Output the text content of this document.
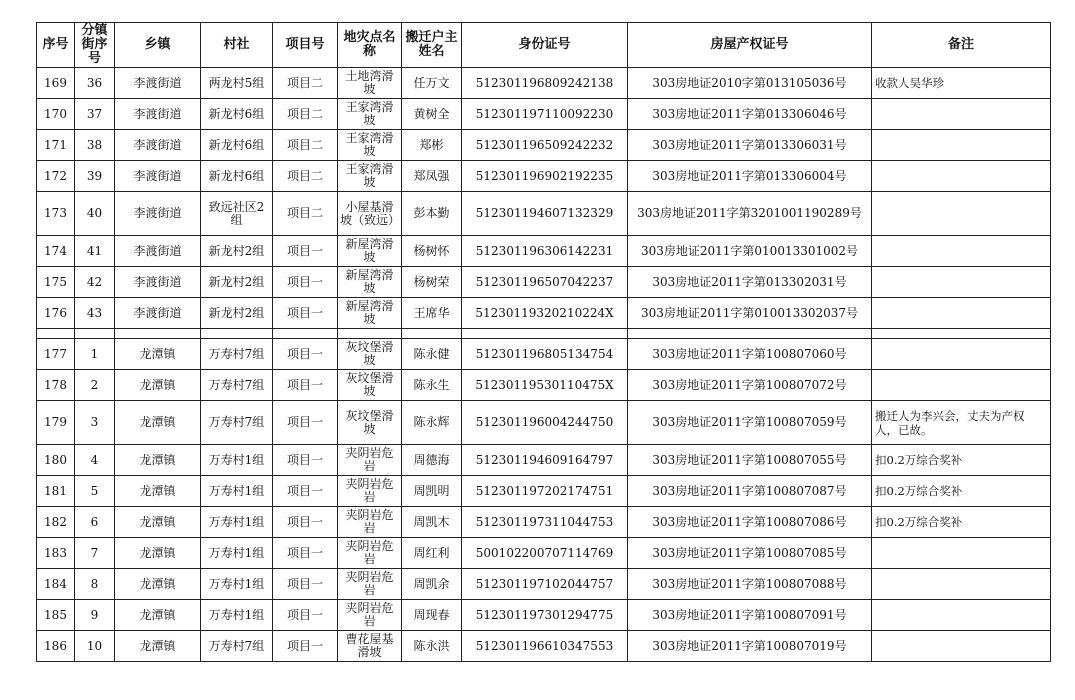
序号	分镇街序号	乡镇	村社	项目号	地灾点名称	搬迁户主姓名	身份证号	房屋产权证号	备注
169	36	李渡街道	两龙村5组	项目二	土地湾滑坡	任万文	512301196809242138	303房地证2010字第013105036号	收款人吴华珍
170	37	李渡街道	新龙村6组	项目二	王家湾滑坡	黄树全	512301197110092230	303房地证2011字第013306046号	
171	38	李渡街道	新龙村6组	项目二	王家湾滑坡	郑彬	512301196509242232	303房地证2011字第013306031号	
172	39	李渡街道	新龙村6组	项目二	王家湾滑坡	郑凤强	512301196902192235	303房地证2011字第013306004号	
173	40	李渡街道	致远社区2组	项目二	小屋基滑坡（致远）	彭本勤	512301194607132329	303房地证2011字第3201001190289号	
174	41	李渡街道	新龙村2组	项目一	新屋湾滑坡	杨树怀	512301196306142231	303房地证2011字第010013301002号	
175	42	李渡街道	新龙村2组	项目一	新屋湾滑坡	杨树荣	512301196507042237	303房地证2011字第013302031号	
176	43	李渡街道	新龙村2组	项目一	新屋湾滑坡	王席华	51230119320210224X	303房地证2011字第010013302037号	

177	1	龙潭镇	万寿村7组	项目一	灰坟堡滑坡	陈永健	512301196805134754	303房地证2011字第100807060号	
178	2	龙潭镇	万寿村7组	项目一	灰坟堡滑坡	陈永生	51230119530110475X	303房地证2011字第100807072号	
179	3	龙潭镇	万寿村7组	项目一	灰坟堡滑坡	陈永辉	512301196004244750	303房地证2011字第100807059号	搬迁人为李兴会，丈夫为产权人，已故。
180	4	龙潭镇	万寿村1组	项目一	夹阴岩危岩	周德海	512301194609164797	303房地证2011字第100807055号	扣0.2万综合奖补
181	5	龙潭镇	万寿村1组	项目一	夹阴岩危岩	周凯明	512301197202174751	303房地证2011字第100807087号	扣0.2万综合奖补
182	6	龙潭镇	万寿村1组	项目一	夹阴岩危岩	周凯木	512301197311044753	303房地证2011字第100807086号	扣0.2万综合奖补
183	7	龙潭镇	万寿村1组	项目一	夹阴岩危岩	周红利	500102200707114769	303房地证2011字第100807085号	
184	8	龙潭镇	万寿村1组	项目一	夹阴岩危岩	周凯余	512301197102044757	303房地证2011字第100807088号	
185	9	龙潭镇	万寿村1组	项目一	夹阴岩危岩	周现春	512301197301294775	303房地证2011字第100807091号	
186	10	龙潭镇	万寿村7组	项目一	曹花屋基滑坡	陈永洪	512301196610347553	303房地证2011字第100807019号	
